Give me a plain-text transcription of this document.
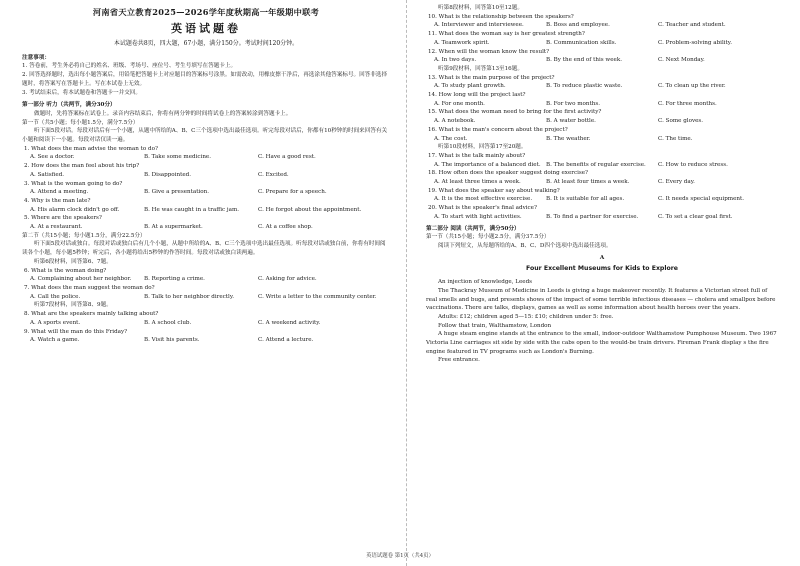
河南省天立教育2025—2026学年度秋期高一年级期中联考
英语试题卷
本试题卷共8页，四大题，67小题，满分150分。考试时间120分钟。
注意事项：
1. 答卷前，考生务必将自己的姓名、班级、考场号、座位号、考生号填写在答题卡上。
2. 回答选择题时，选出每小题答案后，用铅笔把答题卡上对应题目的答案标号涂黑。如需改动，用橡皮擦干净后，再选涂其他答案标号。回答非选择题时，将答案写在答题卡上。写在本试卷上无效。
3. 考试结束后，将本试题卷和答题卡一并交回。
第一部分 听力（共两节，满分30分）
做题时，先将答案标在试卷上。录音内容结束后，你将有两分钟的时间将试卷上的答案转涂到答题卡上。
第一节（共5小题；每小题1.5分，满分7.5分）
听下面5段对话。每段对话后有一个小题，从题中所给的A、B、C三个选项中选出最佳选项。听完每段对话后，你都有10秒钟的时间来回答有关小题和阅读下一小题。每段对话仅读一遍。
1. What does the man advise the woman to do?
A. See a doctor.	B. Take some medicine.	C. Have a good rest.
2. How does the man feel about his trip?
A. Satisfied.	B. Disappointed.	C. Excited.
3. What is the woman going to do?
A. Attend a meeting.	B. Give a presentation.	C. Prepare for a speech.
4. Why is the man late?
A. His alarm clock didn't go off.	B. He was caught in a traffic jam.	C. He forgot about the appointment.
5. Where are the speakers?
A. At a restaurant.	B. At a supermarket.	C. At a coffee shop.
第二节（共15小题；每小题1.5分，满分22.5分）
听下面5段对话或独白。每段对话或独白后有几个小题，从题中所给的A、B、C三个选项中选出最佳选项。听每段对话或独白前，你将有时间阅读各个小题，每小题5秒钟；听完后，各小题将给出5秒钟的作答时间。每段对话或独白读两遍。
听第6段材料，回答第6、7题。
6. What is the woman doing?
A. Complaining about her neighbor.	B. Reporting a crime.	C. Asking for advice.
7. What does the man suggest the woman do?
A. Call the police.	B. Talk to her neighbor directly.	C. Write a letter to the community center.
听第7段材料，回答第8、9题。
8. What are the speakers mainly talking about?
A. A sports event.	B. A school club.	C. A weekend activity.
9. What will the man do this Friday?
A. Watch a game.	B. Visit his parents.	C. Attend a lecture.
听第8段材料，回答第10至12题。
10. What is the relationship between the speakers?
A. Interviewer and interviewee.	B. Boss and employee.	C. Teacher and student.
11. What does the woman say is her greatest strength?
A. Teamwork spirit.	B. Communication skills.	C. Problem-solving ability.
12. When will the woman know the result?
A. In two days.	B. By the end of this week.	C. Next Monday.
听第9段材料，回答第13至16题。
13. What is the main purpose of the project?
A. To study plant growth.	B. To reduce plastic waste.	C. To clean up the river.
14. How long will the project last?
A. For one month.	B. For two months.	C. For three months.
15. What does the woman need to bring for the first activity?
A. A notebook.	B. A water bottle.	C. Some gloves.
16. What is the man's concern about the project?
A. The cost.	B. The weather.	C. The time.
听第10段材料，回答第17至20题。
17. What is the talk mainly about?
A. The importance of a balanced diet. B. The benefits of regular exercise.	C. How to reduce stress.
18. How often does the speaker suggest doing exercise?
A. At least three times a week.	B. At least four times a week.	C. Every day.
19. What does the speaker say about walking?
A. It is the most effective exercise.	B. It is suitable for all ages.	C. It needs special equipment.
20. What is the speaker's final advice?
A. To start with light activities.	B. To find a partner for exercise.	C. To set a clear goal first.
第二部分 阅读（共两节，满分50分）
第一节（共15小题；每小题2.5分，满分37.5分）
阅读下列短文，从每题所给的A、B、C、D四个选项中选出最佳选项。
A
Four Excellent Museums for Kids to Explore
An injection of knowledge, Leeds
The Thackray Museum of Medicine in Leeds is giving a huge makeover recently. It features a Victorian street full of real smells and bugs, and presents shows of the impact of some terrible infectious diseases — cholera and smallpox before vaccinations. There are talks, displays, games as well as some information about health heroes over the years.
Adults: £12; children aged 5—15: £10; children under 5: free.
Follow that train, Walthamstow, London
A huge steam engine stands at the entrance to the small, indoor-outdoor Walthamstow Pumphouse Museum. Two 1967 Victoria Line carriages sit side by side with the cabs open to the would-be train drivers. Fireman Frank display s the fire engine featured in TV programs such as London's Burning.
Free entrance.
英语试题卷 第1页（共4页）
